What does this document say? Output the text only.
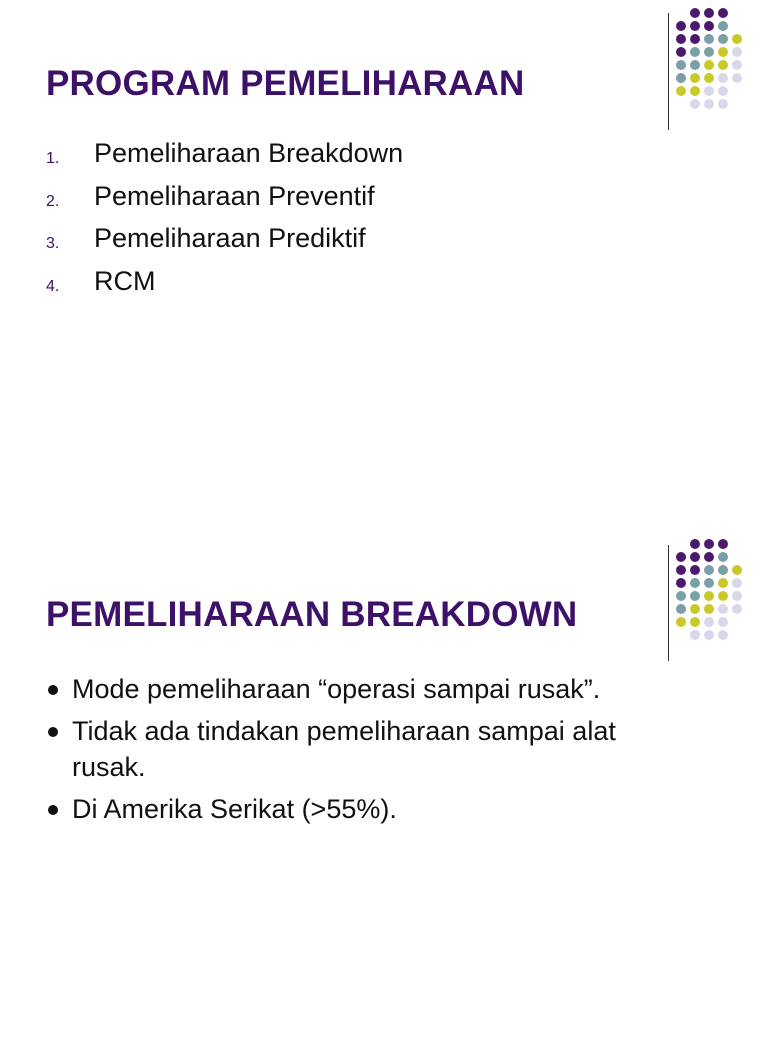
PROGRAM PEMELIHARAAN
1. Pemeliharaan Breakdown
2. Pemeliharaan Preventif
3. Pemeliharaan Prediktif
4. RCM
PEMELIHARAAN BREAKDOWN
Mode pemeliharaan “operasi sampai rusak”.
Tidak ada tindakan pemeliharaan sampai alat rusak.
Di Amerika Serikat (>55%).
